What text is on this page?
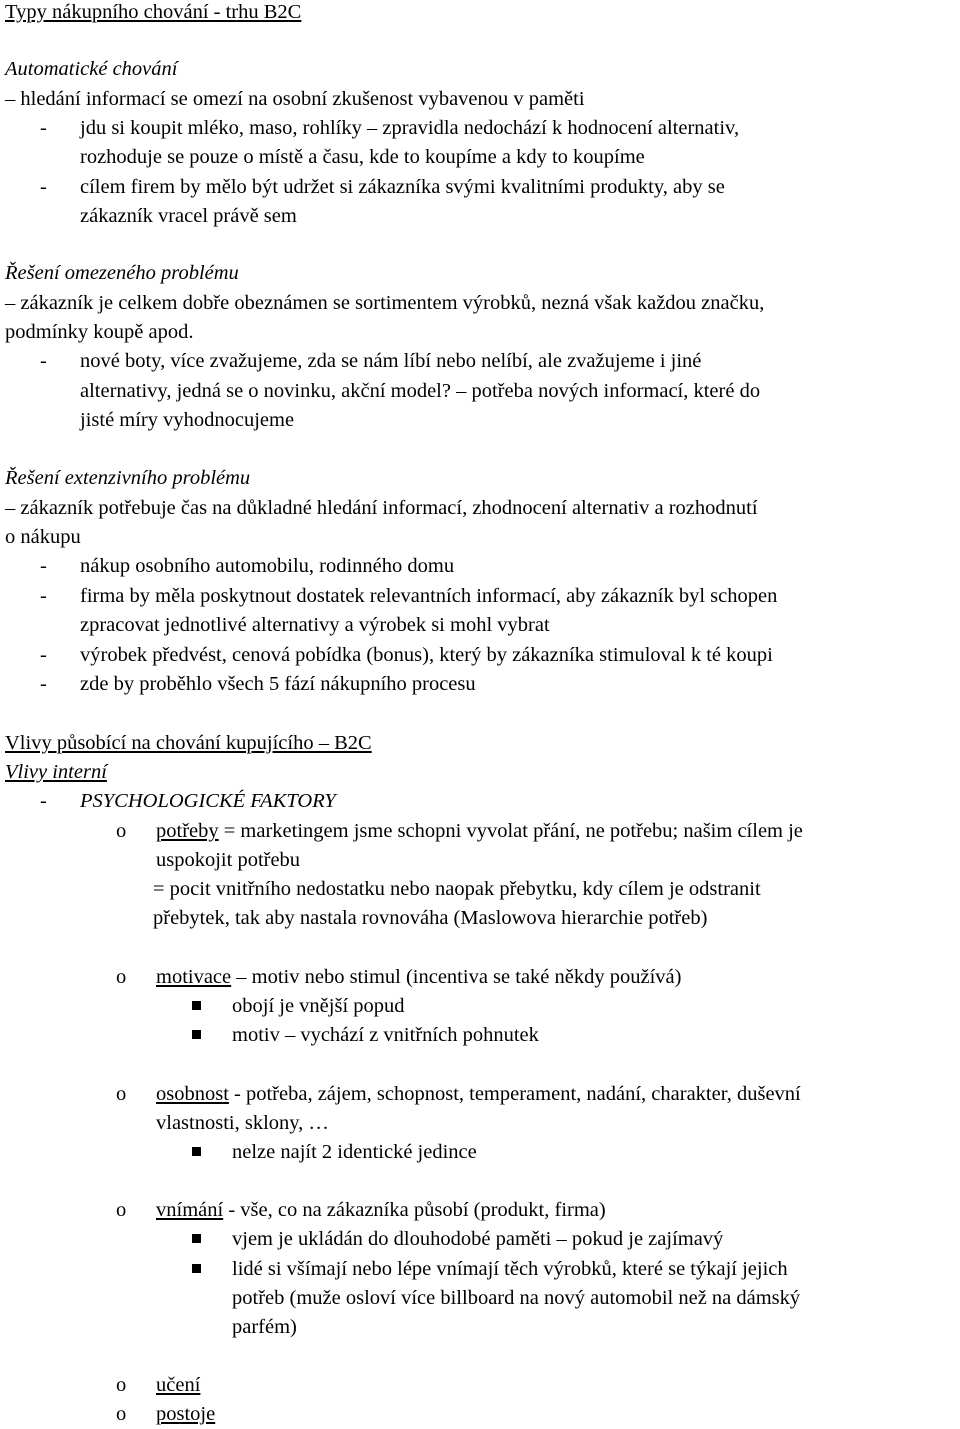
Typy nákupního chování - trhu B2C

Automatické chování

– hledání informací se omezí na osobní zkušenost vybavenou v paměti

- jdu si koupit mléko, maso, rohlíky – zpravidla nedochází k hodnocení alternativ,

rozhoduje se pouze o místě a času, kde to koupíme a kdy to koupíme

- cílem firem by mělo být udržet si zákazníka svými kvalitními produkty, aby se

zákazník vracel právě sem

Řešení omezeného problému

– zákazník je celkem dobře obeznámen se sortimentem výrobků, nezná však každou značku,

podmínky koupě apod.

- nové boty, více zvažujeme, zda se nám líbí nebo nelíbí, ale zvažujeme i jiné

alternativy, jedná se o novinku, akční model? – potřeba nových informací, které do

jisté míry vyhodnocujeme

Řešení extenzivního problému

– zákazník potřebuje čas na důkladné hledání informací, zhodnocení alternativ a rozhodnutí

o nákupu

- nákup osobního automobilu, rodinného domu

- firma by měla poskytnout dostatek relevantních informací, aby zákazník byl schopen

zpracovat jednotlivé alternativy a výrobek si mohl vybrat

- výrobek předvést, cenová pobídka (bonus), který by zákazníka stimuloval k té koupi

- zde by proběhlo všech 5 fází nákupního procesu

Vlivy působící na chování kupujícího – B2C

Vlivy interní

- PSYCHOLOGICKÉ FAKTORY

o potřeby = marketingem jsme schopni vyvolat přání, ne potřebu; našim cílem je

uspokojit potřebu

= pocit vnitřního nedostatku nebo naopak přebytku, kdy cílem je odstranit

přebytek, tak aby nastala rovnováha (Maslowova hierarchie potřeb)

o motivace – motiv nebo stimul (incentiva se také někdy používá)

obojí je vnější popud

motiv – vychází z vnitřních pohnutek

o osobnost - potřeba, zájem, schopnost, temperament, nadání, charakter, duševní

vlastnosti, sklony, …

nelze najít 2 identické jedince

o vnímání - vše, co na zákazníka působí (produkt, firma)

vjem je ukládán do dlouhodobé paměti – pokud je zajímavý

lidé si všímají nebo lépe vnímají těch výrobků, které se týkají jejich

potřeb (muže osloví více billboard na nový automobil než na dámský

parfém)

o učení

o postoje
